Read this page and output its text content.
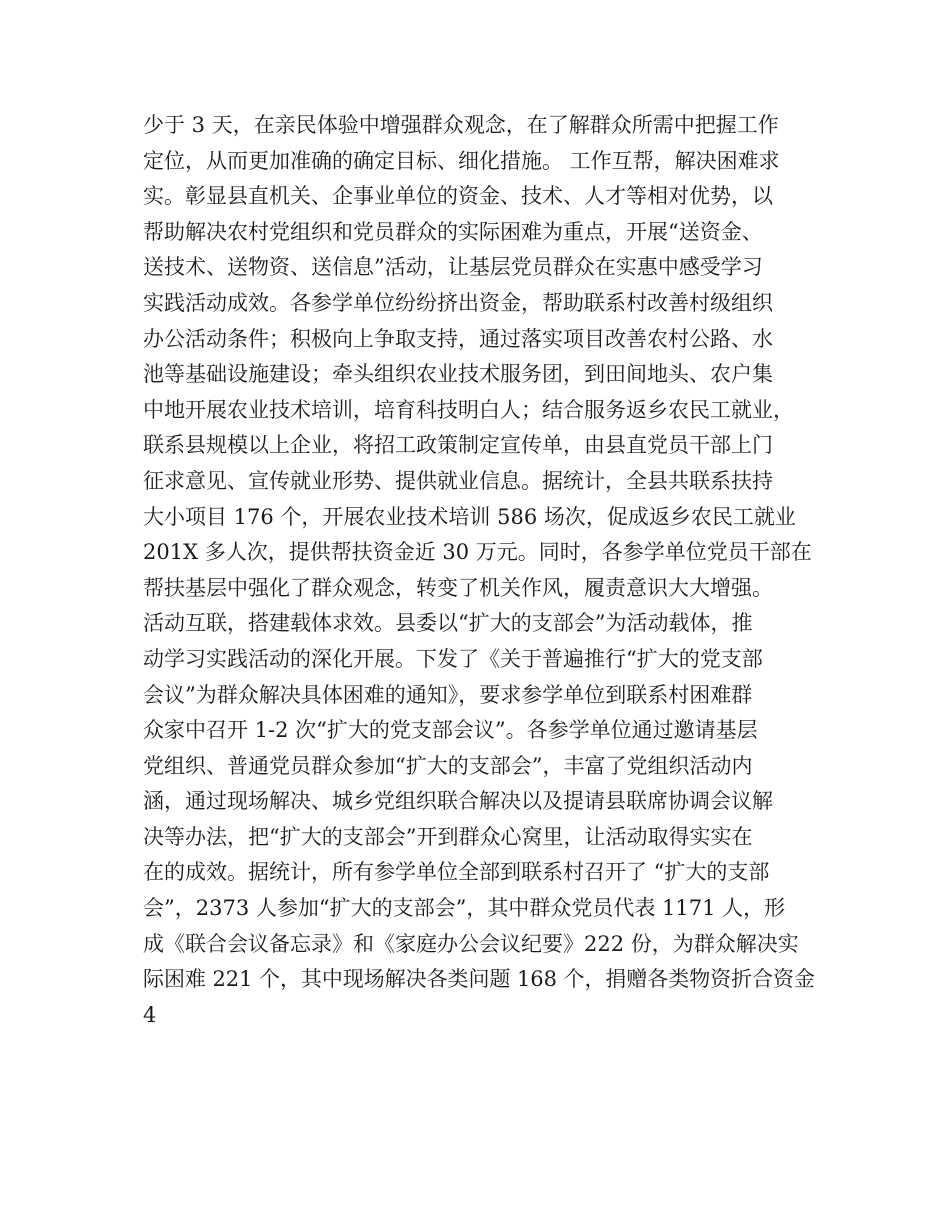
少于 3 天，在亲民体验中增强群众观念，在了解群众所需中把握工作
定位，从而更加准确的确定目标、细化措施。 工作互帮，解决困难求
实。彰显县直机关、企事业单位的资金、技术、人才等相对优势，以
帮助解决农村党组织和党员群众的实际困难为重点，开展“送资金、
送技术、送物资、送信息”活动，让基层党员群众在实惠中感受学习
实践活动成效。各参学单位纷纷挤出资金，帮助联系村改善村级组织
办公活动条件；积极向上争取支持，通过落实项目改善农村公路、水
池等基础设施建设；牵头组织农业技术服务团，到田间地头、农户集
中地开展农业技术培训，培育科技明白人；结合服务返乡农民工就业，
联系县规模以上企业，将招工政策制定宣传单，由县直党员干部上门
征求意见、宣传就业形势、提供就业信息。据统计，全县共联系扶持
大小项目 176 个，开展农业技术培训 586 场次，促成返乡农民工就业
201X 多人次，提供帮扶资金近 30 万元。同时，各参学单位党员干部在
帮扶基层中强化了群众观念，转变了机关作风，履责意识大大增强。
活动互联，搭建载体求效。县委以“扩大的支部会”为活动载体，推
动学习实践活动的深化开展。下发了《关于普遍推行“扩大的党支部
会议”为群众解决具体困难的通知》，要求参学单位到联系村困难群
众家中召开 1-2 次“扩大的党支部会议”。各参学单位通过邀请基层
党组织、普通党员群众参加“扩大的支部会”，丰富了党组织活动内
涵，通过现场解决、城乡党组织联合解决以及提请县联席协调会议解
决等办法，把“扩大的支部会”开到群众心窝里，让活动取得实实在
在的成效。据统计，所有参学单位全部到联系村召开了 “扩大的支部
会”，2373 人参加“扩大的支部会”，其中群众党员代表 1171 人，形
成《联合会议备忘录》和《家庭办公会议纪要》222 份，为群众解决实
际困难 221 个，其中现场解决各类问题 168 个，捐赠各类物资折合资金
4
